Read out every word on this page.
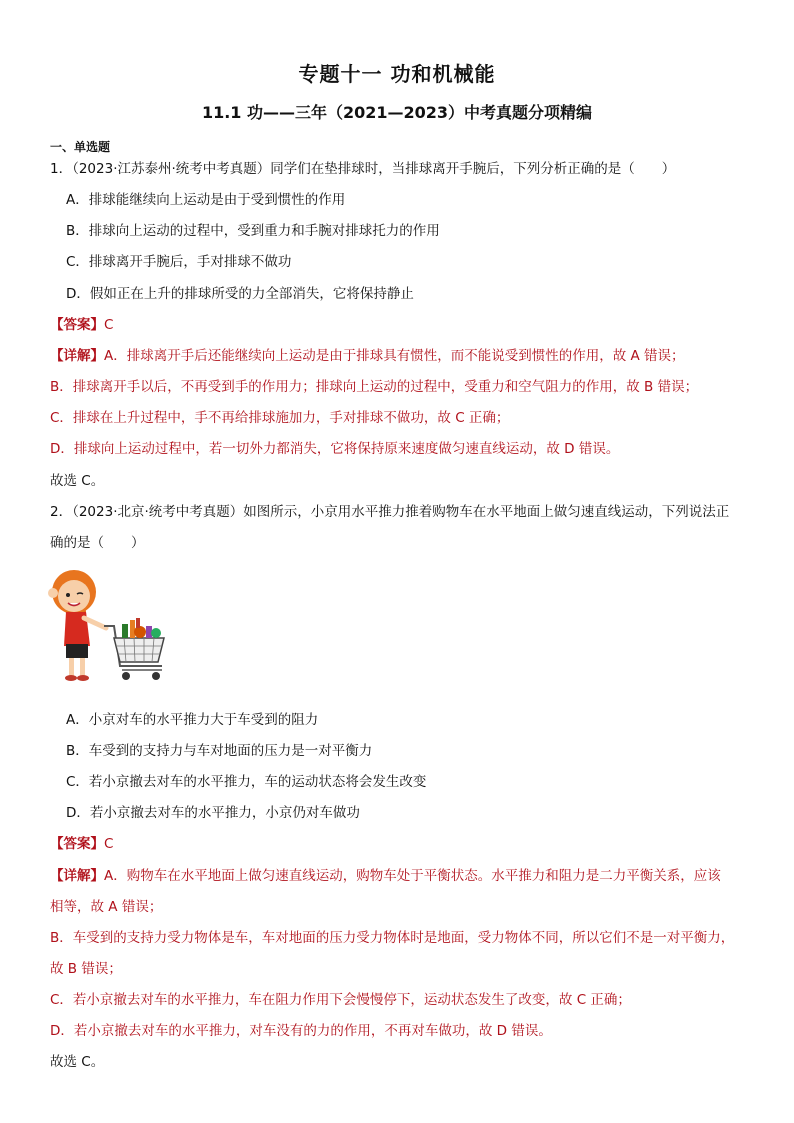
专题十一 功和机械能
11.1 功——三年（2021—2023）中考真题分项精编
一、单选题
1．（2023·江苏泰州·统考中考真题）同学们在垫排球时，当排球离开手腕后，下列分析正确的是（　　）
A．排球能继续向上运动是由于受到惯性的作用
B．排球向上运动的过程中，受到重力和手腕对排球托力的作用
C．排球离开手腕后，手对排球不做功
D．假如正在上升的排球所受的力全部消失，它将保持静止
【答案】C
【详解】A．排球离开手后还能继续向上运动是由于排球具有惯性，而不能说受到惯性的作用，故 A 错误；
B．排球离开手以后，不再受到手的作用力；排球向上运动的过程中，受重力和空气阻力的作用，故 B 错误；
C．排球在上升过程中，手不再给排球施加力，手对排球不做功，故 C 正确；
D．排球向上运动过程中，若一切外力都消失，它将保持原来速度做匀速直线运动，故 D 错误。
故选 C。
2．（2023·北京·统考中考真题）如图所示，小京用水平推力推着购物车在水平地面上做匀速直线运动，下列说法正
确的是（　　）
A．小京对车的水平推力大于车受到的阻力
B．车受到的支持力与车对地面的压力是一对平衡力
C．若小京撤去对车的水平推力，车的运动状态将会发生改变
D．若小京撤去对车的水平推力，小京仍对车做功
【答案】C
【详解】A．购物车在水平地面上做匀速直线运动，购物车处于平衡状态。水平推力和阻力是二力平衡关系，应该
相等，故 A 错误；
B．车受到的支持力受力物体是车，车对地面的压力受力物体时是地面，受力物体不同，所以它们不是一对平衡力，
故 B 错误；
C．若小京撤去对车的水平推力，车在阻力作用下会慢慢停下，运动状态发生了改变，故 C 正确；
D．若小京撤去对车的水平推力，对车没有的力的作用，不再对车做功，故 D 错误。
故选 C。
